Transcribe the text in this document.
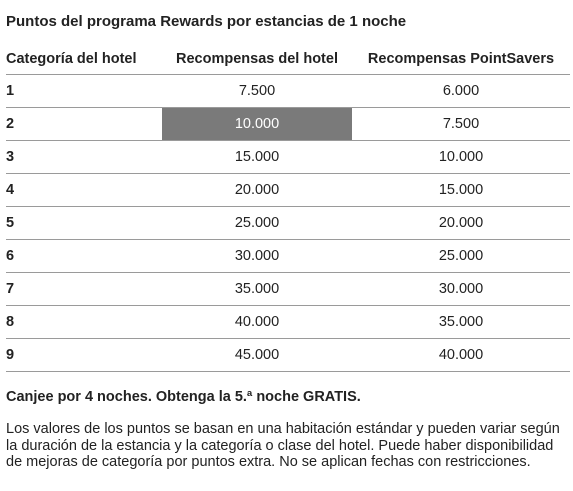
Puntos del programa Rewards por estancias de 1 noche
Categoría del hotel	Recompensas del hotel	Recompensas PointSavers
1	7.500	6.000
2	10.000	7.500
3	15.000	10.000
4	20.000	15.000
5	25.000	20.000
6	30.000	25.000
7	35.000	30.000
8	40.000	35.000
9	45.000	40.000
Canjee por 4 noches. Obtenga la 5.ª noche GRATIS.
Los valores de los puntos se basan en una habitación estándar y pueden variar según la duración de la estancia y la categoría o clase del hotel. Puede haber disponibilidad de mejoras de categoría por puntos extra. No se aplican fechas con restricciones.
